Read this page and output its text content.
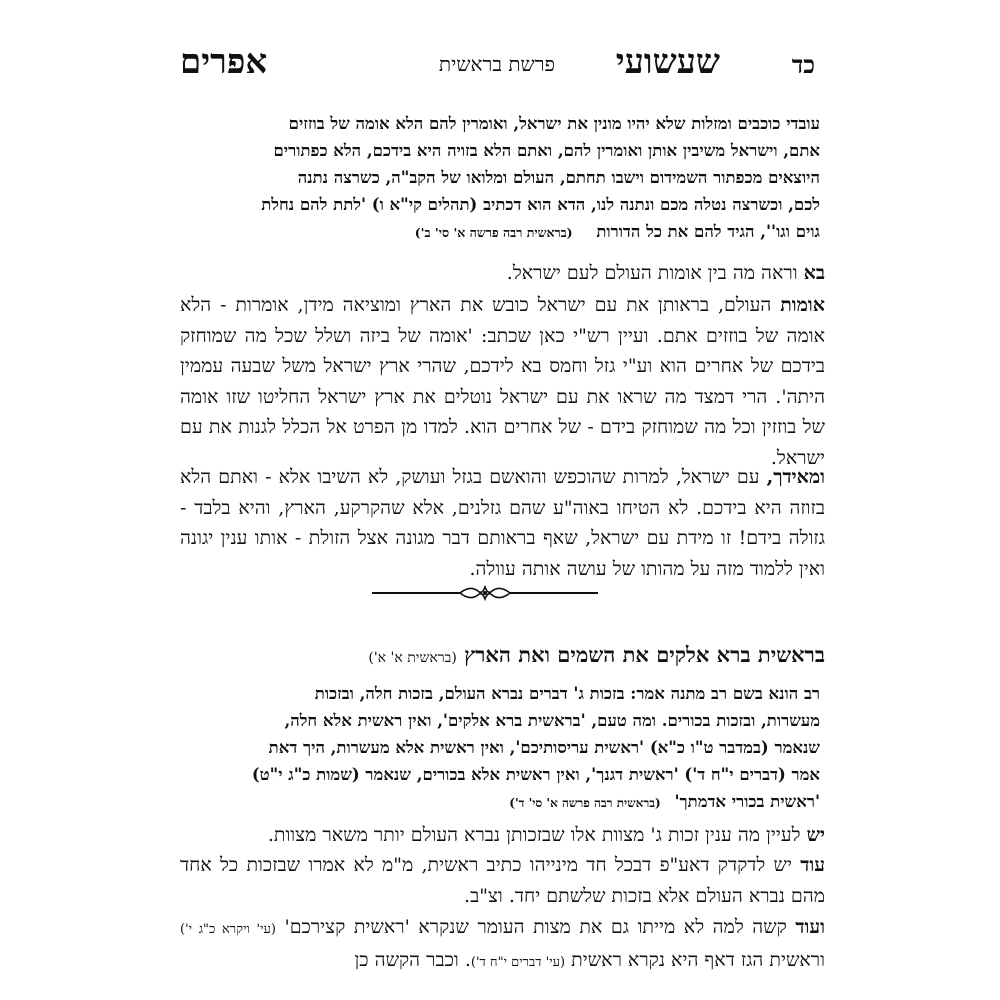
כד
שעשועי
פרשת בראשית
אפרים
עובדי כוכבים ומזלות שלא יהיו מונין את ישראל, ואומרין להם הלא אומה של בוזזים
אתם, וישראל משיבין אותן ואומרין להם, ואתם הלא בזויה היא בידכם, הלא כפתורים
היוצאים מכפתור השמידום וישבו תחתם, העולם ומלואו של הקב"ה, כשרצה נתנה
לכם, וכשרצה נטלה מכם ונתנה לנו, הדא הוא דכתיב (תהלים קי"א ו) 'לתת להם נחלת
גוים וגו'', הגיד להם את כל הדורות (בראשית רבה פרשה א' סי' ב')

בא וראה מה בין אומות העולם לעם ישראל.

אומות העולם, בראותן את עם ישראל כובש את הארץ ומוציאה מידן, אומרות - הלא אומה של בוזזים אתם. ועיין רש"י כאן שכתב: 'אומה של ביזה ושלל שכל מה שמוחזק בידכם של אחרים הוא וע"י גזל וחמס בא לידכם, שהרי ארץ ישראל משל שבעה עממין היתה'. הרי דמצד מה שראו את עם ישראל נוטלים את ארץ ישראל החליטו שזו אומה של בוזזין וכל מה שמוחזק בידם - של אחרים הוא. למדו מן הפרט אל הכלל לגנות את עם ישראל.

ומאידך, עם ישראל, למרות שהוכפש והואשם בגזל ועושק, לא השיבו אלא - ואתם הלא בזוזה היא בידכם. לא הטיחו באוה"ע שהם גזלנים, אלא שהקרקע, הארץ, והיא בלבד - גזולה בידם! זו מידת עם ישראל, שאף בראותם דבר מגונה אצל הזולת - אותו ענין יגונה ואין ללמוד מזה על מהותו של עושה אותה עוולה.

בראשית ברא אלקים את השמים ואת הארץ (בראשית א' א')
רב הונא בשם רב מתנה אמר: בזכות ג' דברים נברא העולם, בזכות חלה, ובזכות
מעשרות, ובזכות בכורים. ומה טעם, 'בראשית ברא אלקים', ואין ראשית אלא חלה,
שנאמר (במדבר ט"ו כ"א) 'ראשית עריסותיכם', ואין ראשית אלא מעשרות, היך דאת
אמר (דברים י"ח ד') 'ראשית דגנך', ואין ראשית אלא בכורים, שנאמר (שמות כ"ג י"ט)
'ראשית בכורי אדמתך' (בראשית רבה פרשה א' סי' ד')

יש לעיין מה ענין זכות ג' מצוות אלו שבזכותן נברא העולם יותר משאר מצוות.

עוד יש לדקדק דאע"פ דבכל חד מינייהו כתיב ראשית, מ"מ לא אמרו שבזכות כל אחד מהם נברא העולם אלא בזכות שלשתם יחד. וצ"ב.

ועוד קשה למה לא מייתו גם את מצות העומר שנקרא 'ראשית קצירכם' (עי' ויקרא כ"ג י') וראשית הגז דאף היא נקרא ראשית (עי' דברים י"ח ד'). וכבר הקשה כן
